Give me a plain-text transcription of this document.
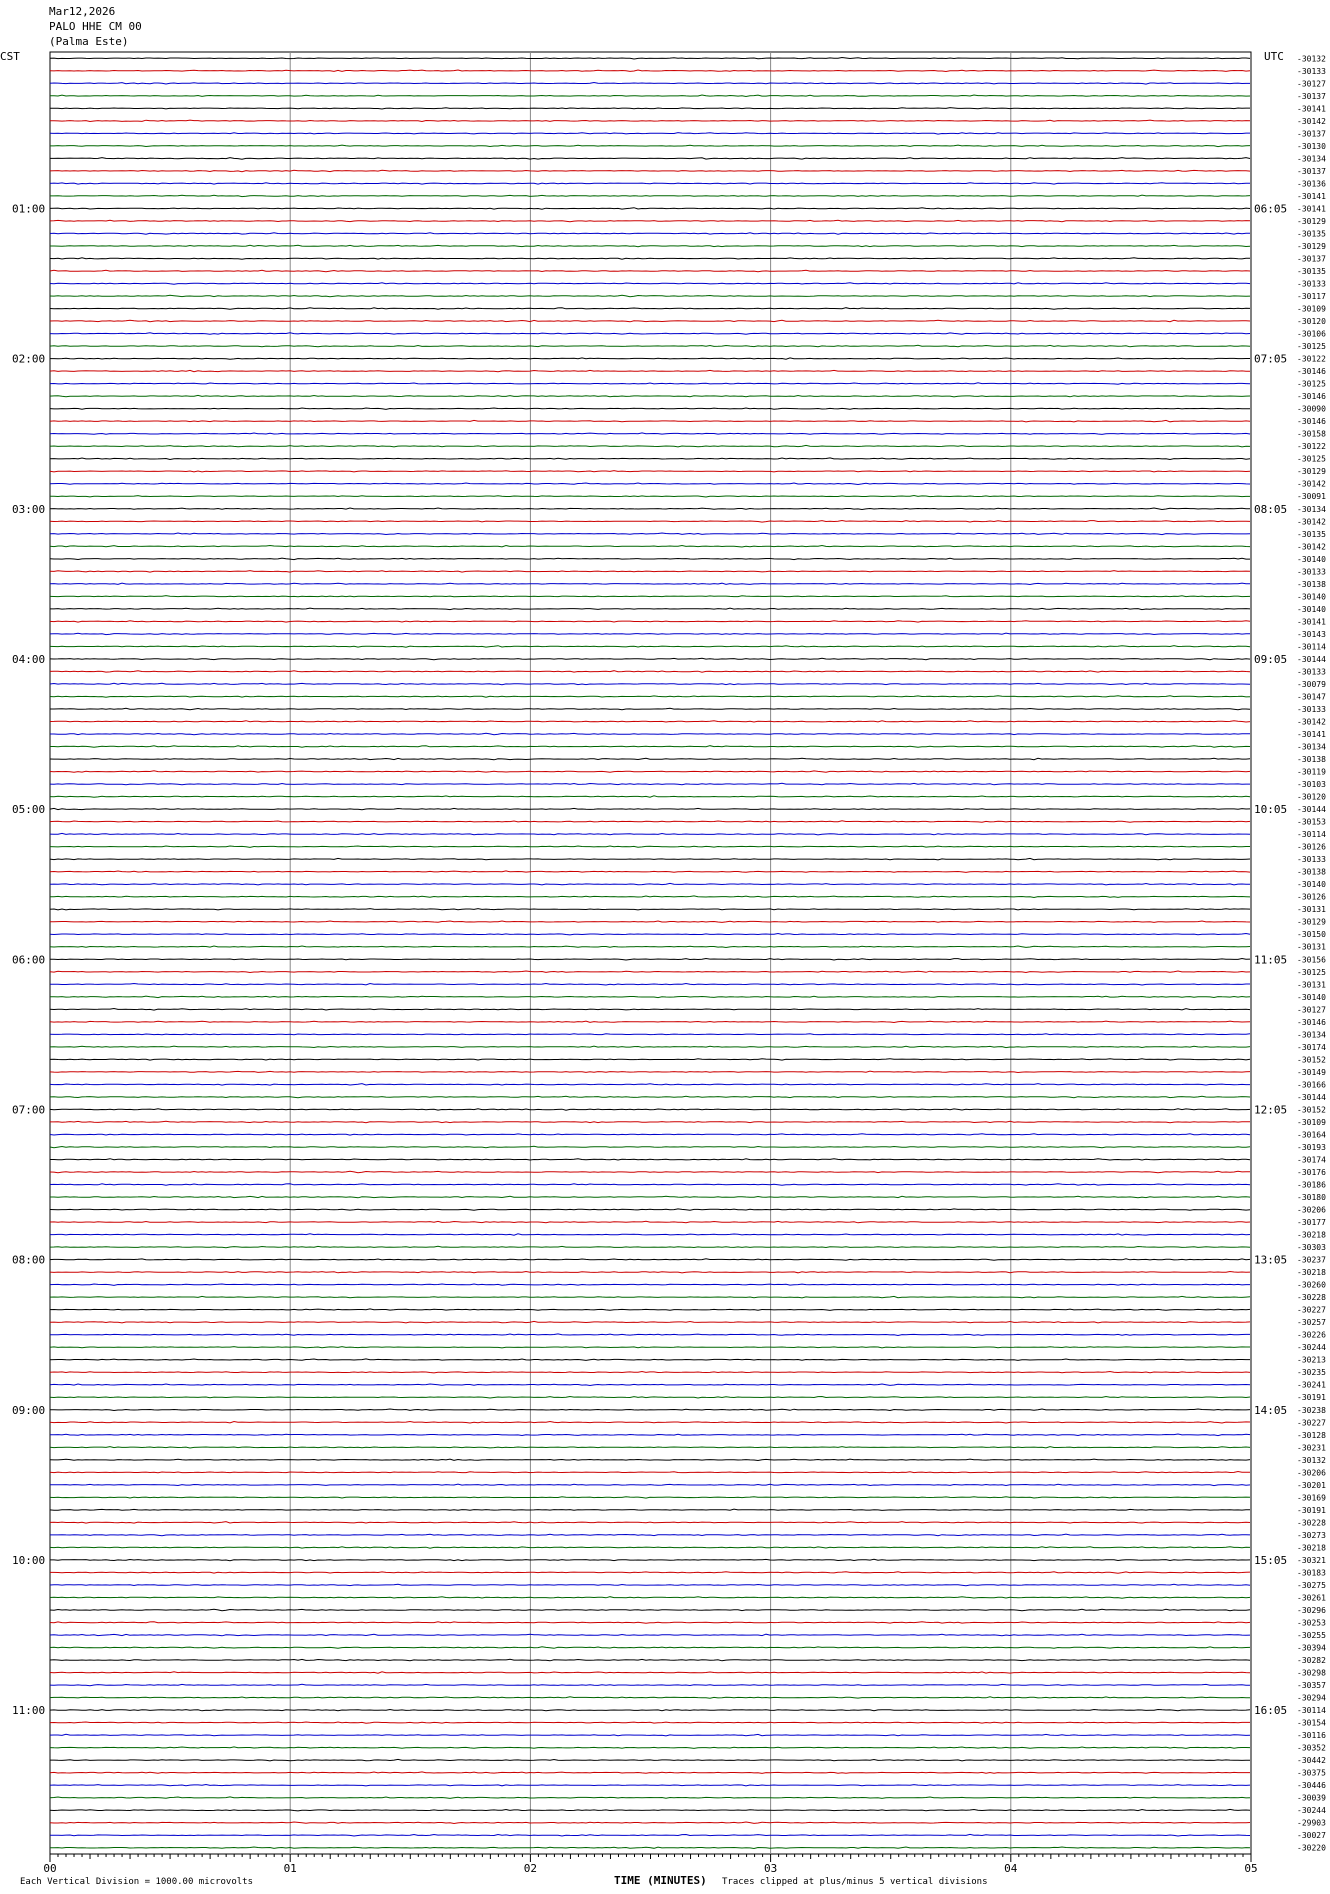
Mar12,2026
PALO HHE CM 00
(Palma Este)
CST	UTC -30132
-30133
-30127
-30137
-30141
-30142
-30137
-30130
-30134
-30137
-30136
-30141
-30141
-30129
-30135
-30129
-30137
-30135
-30133
-30117
-30109
-30120
-30106
-30125
-30122
-30146
-30125
-30146
-30090
-30146
-30158
-30122
-30125
-30129
-30142
-30091
-30134
-30142
-30135
-30142
-30140
-30133
-30138
-30140
-30140
-30141
-30143
-30114
-30144
-30133
-30079
-30147
-30133
-30142
-30141
-30134
-30138
-30119
-30103
-30120
-30144
-30153
-30114
-30126
-30133
-30138
-30140
-30126
-30131
-30129
-30150
-30131
-30156
-30125
-30131
-30140
-30127
-30146
-30134
-30174
-30152
-30149
-30166
-30144
-30152
-30109
-30164
-30193
-30174
-30176
-30186
-30180
-30206
-30177
-30218
-30303
-30237
-30218
-30260
-30228
-30227
-30257
-30226
-30244
-30213
-30235
-30241
-30191
-30238
-30227
-30128
-30231
-30132
-30206
-30201
-30169
-30191
-30228
-30273
-30218
-30321
-30183
-30275
-30261
-30296
-30253
-30255
-30394
-30282
-30298
-30357
-30294
-30114
-30154
-30116
-30352
-30442
-30375
-30446
-30039
-30244
-29903
-30027
-30220
01:00	06:05
02:00	07:05
03:00	08:05
04:00	09:05
05:00	10:05
06:00	11:05
07:00	12:05
08:00	13:05
09:00	14:05
10:00	15:05
11:00	16:05
00	01	02	03	04	05
TIME (MINUTES)
Each Vertical Division = 1000.00 microvolts	Traces clipped at plus/minus 5 vertical divisions
